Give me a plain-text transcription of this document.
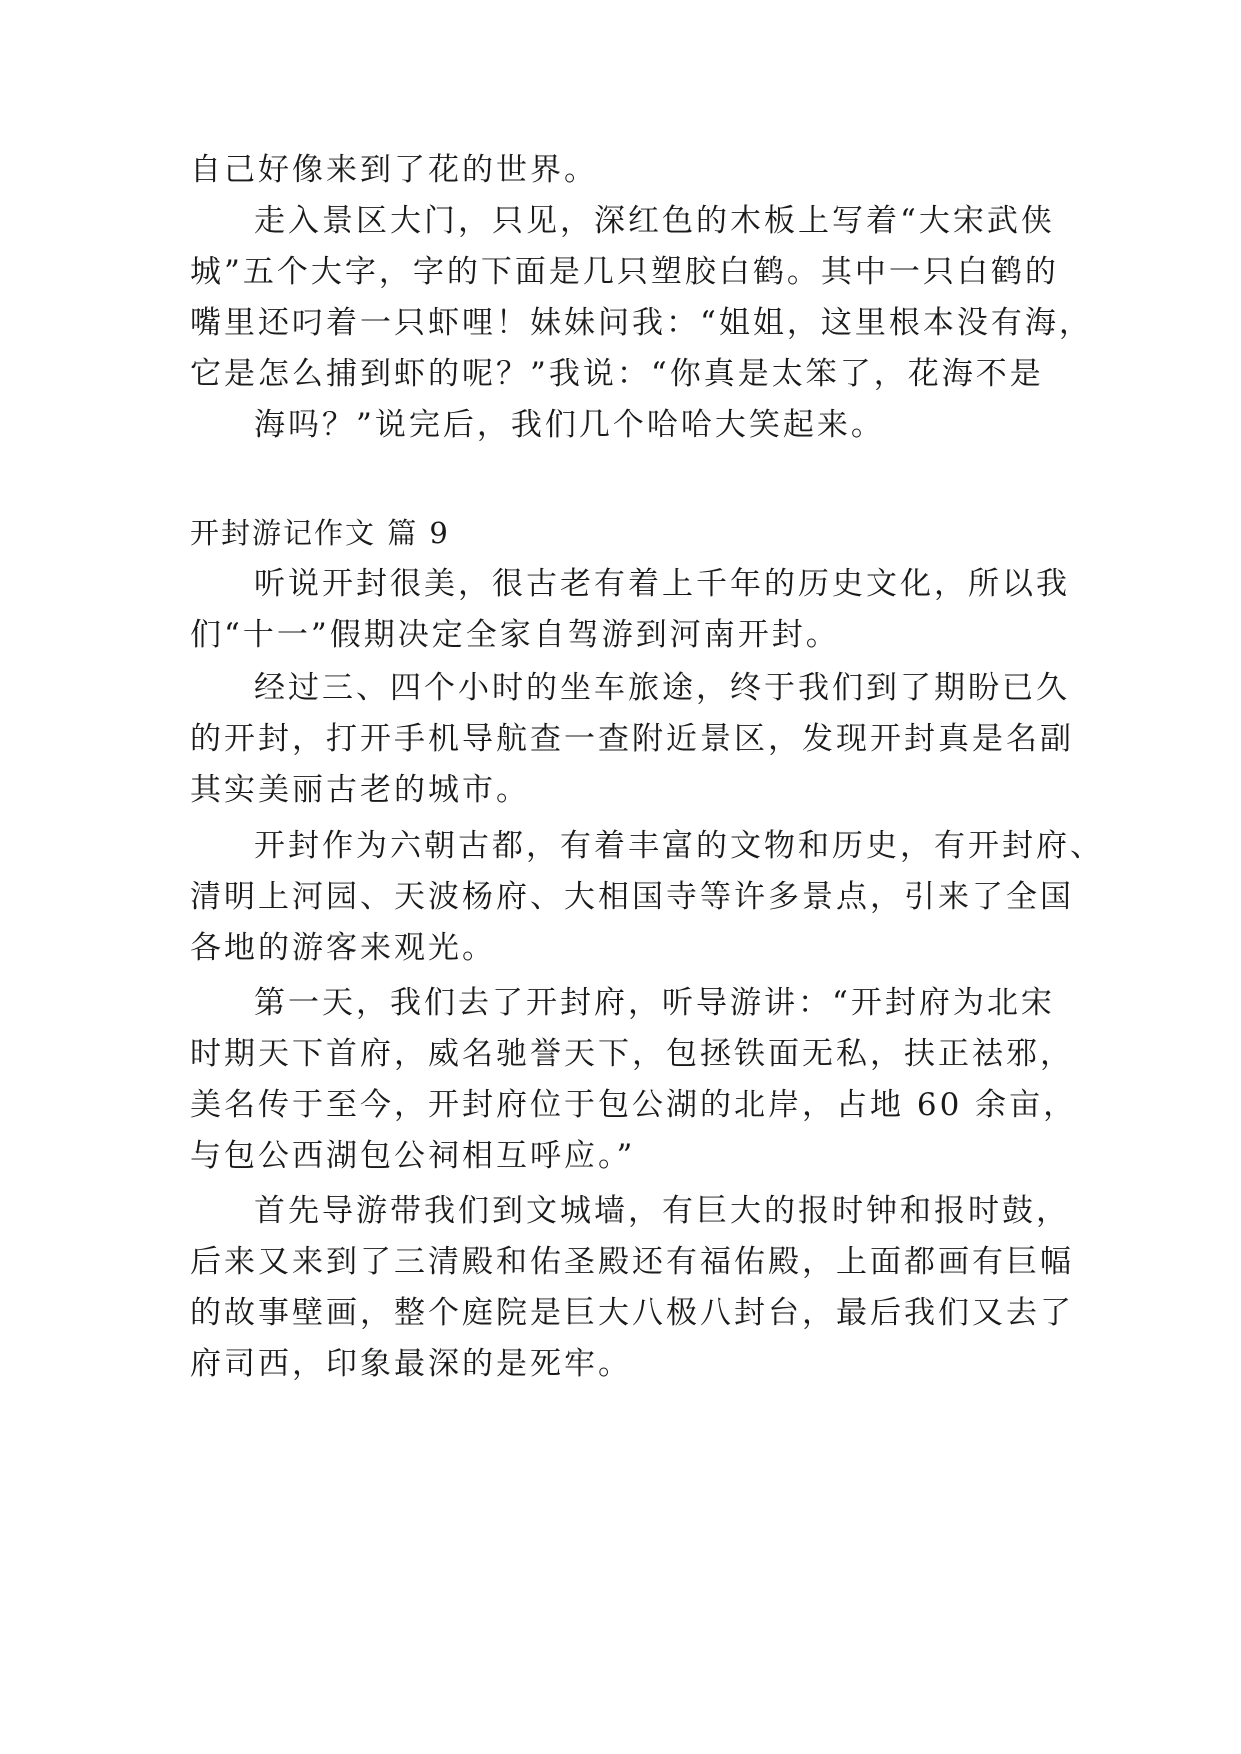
自己好像来到了花的世界。
走入景区大门，只见，深红色的木板上写着“大宋武侠
城”五个大字，字的下面是几只塑胶白鹤。其中一只白鹤的
嘴里还叼着一只虾哩！妹妹问我：“姐姐，这里根本没有海，
它是怎么捕到虾的呢？”我说：“你真是太笨了，花海不是
海吗？”说完后，我们几个哈哈大笑起来。
开封游记作文 篇 9
听说开封很美，很古老有着上千年的历史文化，所以我
们“十一”假期决定全家自驾游到河南开封。
经过三、四个小时的坐车旅途，终于我们到了期盼已久
的开封，打开手机导航查一查附近景区，发现开封真是名副
其实美丽古老的城市。
开封作为六朝古都，有着丰富的文物和历史，有开封府、
清明上河园、天波杨府、大相国寺等许多景点，引来了全国
各地的游客来观光。
第一天，我们去了开封府，听导游讲：“开封府为北宋
时期天下首府，威名驰誉天下，包拯铁面无私，扶正祛邪，
美名传于至今，开封府位于包公湖的北岸，占地 60 余亩，
与包公西湖包公祠相互呼应。”
首先导游带我们到文城墙，有巨大的报时钟和报时鼓，
后来又来到了三清殿和佑圣殿还有福佑殿，上面都画有巨幅
的故事壁画，整个庭院是巨大八极八封台，最后我们又去了
府司西，印象最深的是死牢。
